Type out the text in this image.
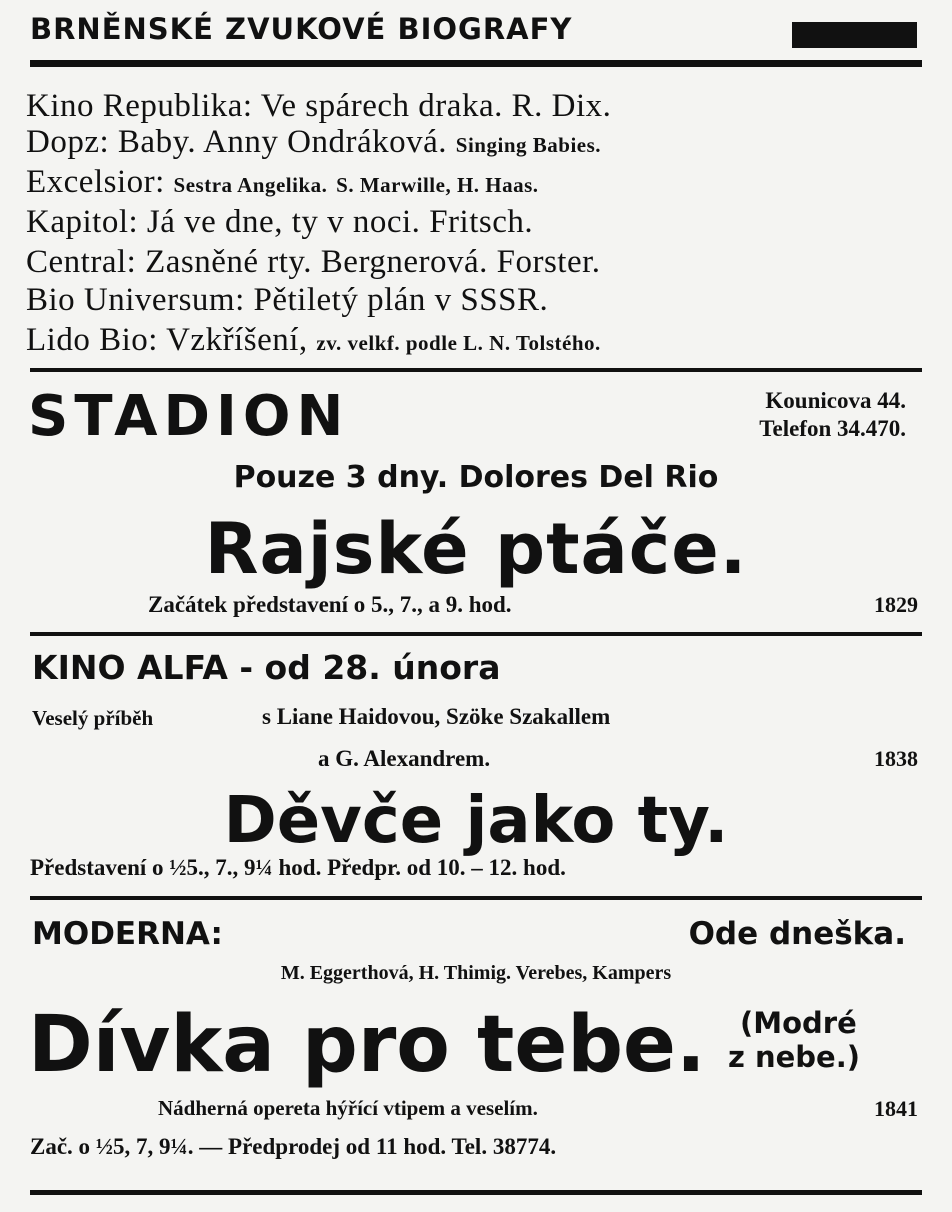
BRNĚNSKÉ ZVUKOVÉ BIOGRAFY
Kino Republika: Ve spárech draka. R. Dix.
Dopz: Baby. Anny Ondráková. Singing Babies.
Excelsior: Sestra Angelika. S. Marwille, H. Haas.
Kapitol: Já ve dne, ty v noci. Fritsch.
Central: Zasněné rty. Bergnerová. Forster.
Bio Universum: Pětiletý plán v SSSR.
Lido Bio: Vzkříšení, zv. velkf. podle L. N. Tolstého.
STADION	Kounicova 44.
Telefon 34.470.
Pouze 3 dny. Dolores Del Rio
Rajské ptáče.
Začátek představení o 5., 7., a 9. hod.	1829
KINO ALFA - od 28. února
Veselý příběh	s Liane Haidovou, Szöke Szakallem
a G. Alexandrem.	1838
Děvče jako ty.
Představení o ½5., 7., 9¼ hod. Předpr. od 10. – 12. hod.
MODERNA:	Ode dneška.
M. Eggerthová, H. Thimig. Verebes, Kampers
Dívka pro tebe. (Modré
z nebe.)
Nádherná opereta hýřící vtipem a veselím.	1841
Zač. o ½5, 7, 9¼. — Předprodej od 11 hod. Tel. 38774.
